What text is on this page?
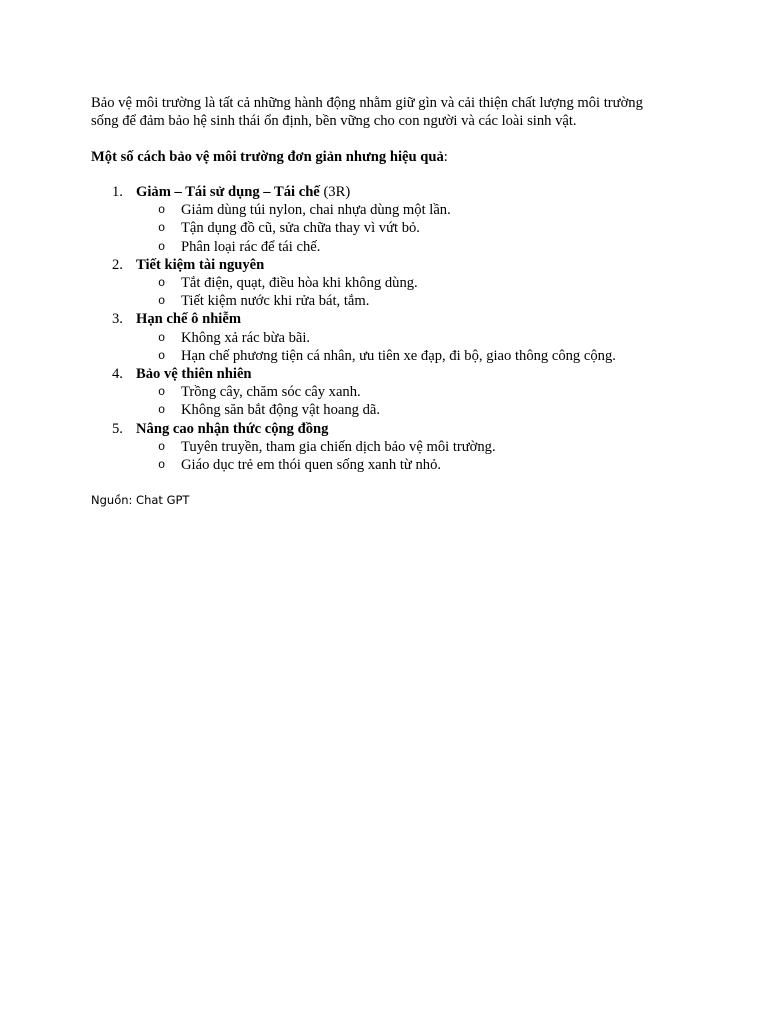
Bảo vệ môi trường là tất cả những hành động nhằm giữ gìn và cải thiện chất lượng môi trường

sống để đảm bảo hệ sinh thái ổn định, bền vững cho con người và các loài sinh vật.

Một số cách bảo vệ môi trường đơn giản nhưng hiệu quả:

1. Giảm – Tái sử dụng – Tái chế (3R)
o Giảm dùng túi nylon, chai nhựa dùng một lần.
o Tận dụng đồ cũ, sửa chữa thay vì vứt bỏ.
o Phân loại rác để tái chế.
2. Tiết kiệm tài nguyên
o Tắt điện, quạt, điều hòa khi không dùng.
o Tiết kiệm nước khi rửa bát, tắm.
3. Hạn chế ô nhiễm
o Không xả rác bừa bãi.
o Hạn chế phương tiện cá nhân, ưu tiên xe đạp, đi bộ, giao thông công cộng.
4. Bảo vệ thiên nhiên
o Trồng cây, chăm sóc cây xanh.
o Không săn bắt động vật hoang dã.
5. Nâng cao nhận thức cộng đồng
o Tuyên truyền, tham gia chiến dịch bảo vệ môi trường.
o Giáo dục trẻ em thói quen sống xanh từ nhỏ.

Nguồn: Chat GPT
